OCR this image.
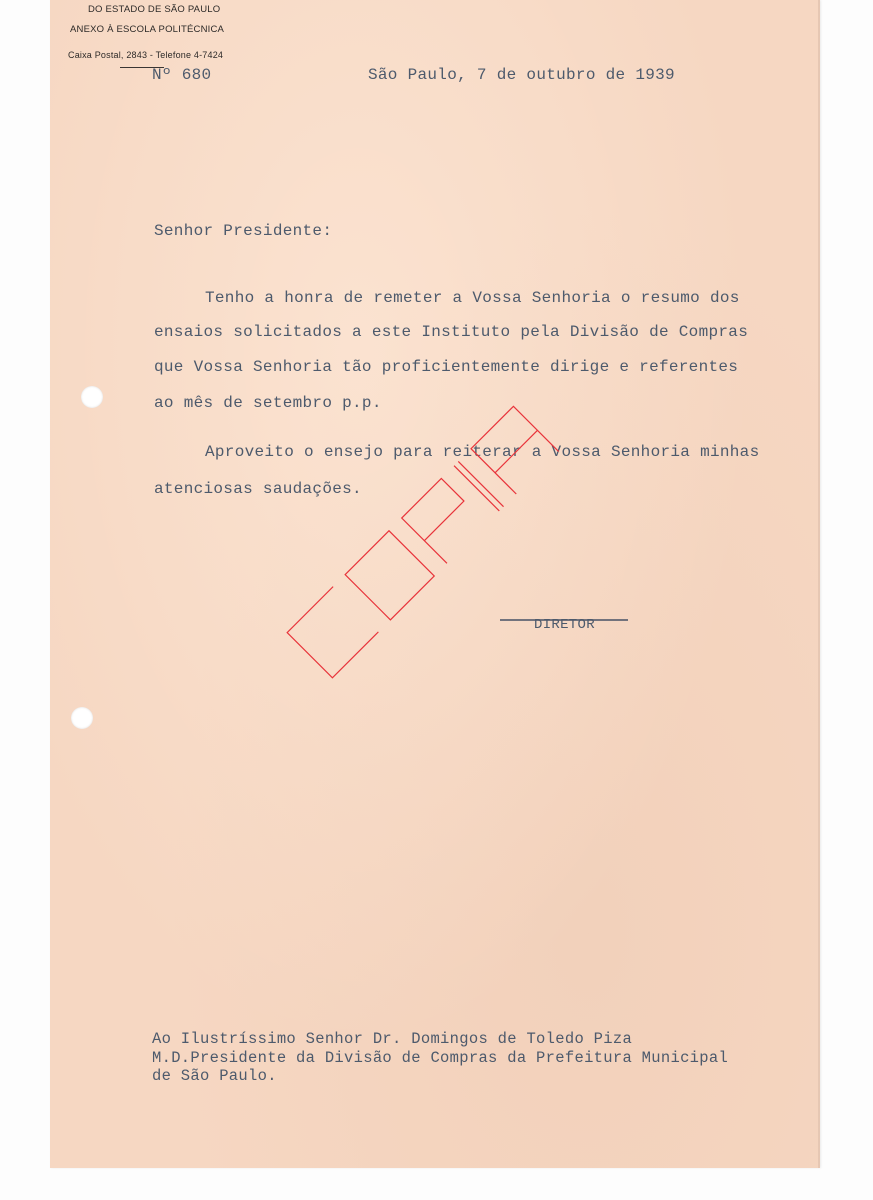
DO ESTADO DE SÃO PAULO
ANEXO À ESCOLA POLITÉCNICA
Caixa Postal, 2843 - Telefone 4-7424
Nº 680	São Paulo, 7 de outubro de 1939
Senhor Presidente:
Tenho a honra de remeter a Vossa Senhoria o resumo dos
ensaios solicitados a este Instituto pela Divisão de Compras
que Vossa Senhoria tão proficientemente dirige e referentes
ao mês de setembro p.p.
Aproveito o ensejo para reiterar a Vossa Senhoria minhas
atenciosas saudações.
DIRETOR
COPIA
Ao Ilustríssimo Senhor Dr. Domingos de Toledo Piza
M.D.Presidente da Divisão de Compras da Prefeitura Municipal
de São Paulo.
